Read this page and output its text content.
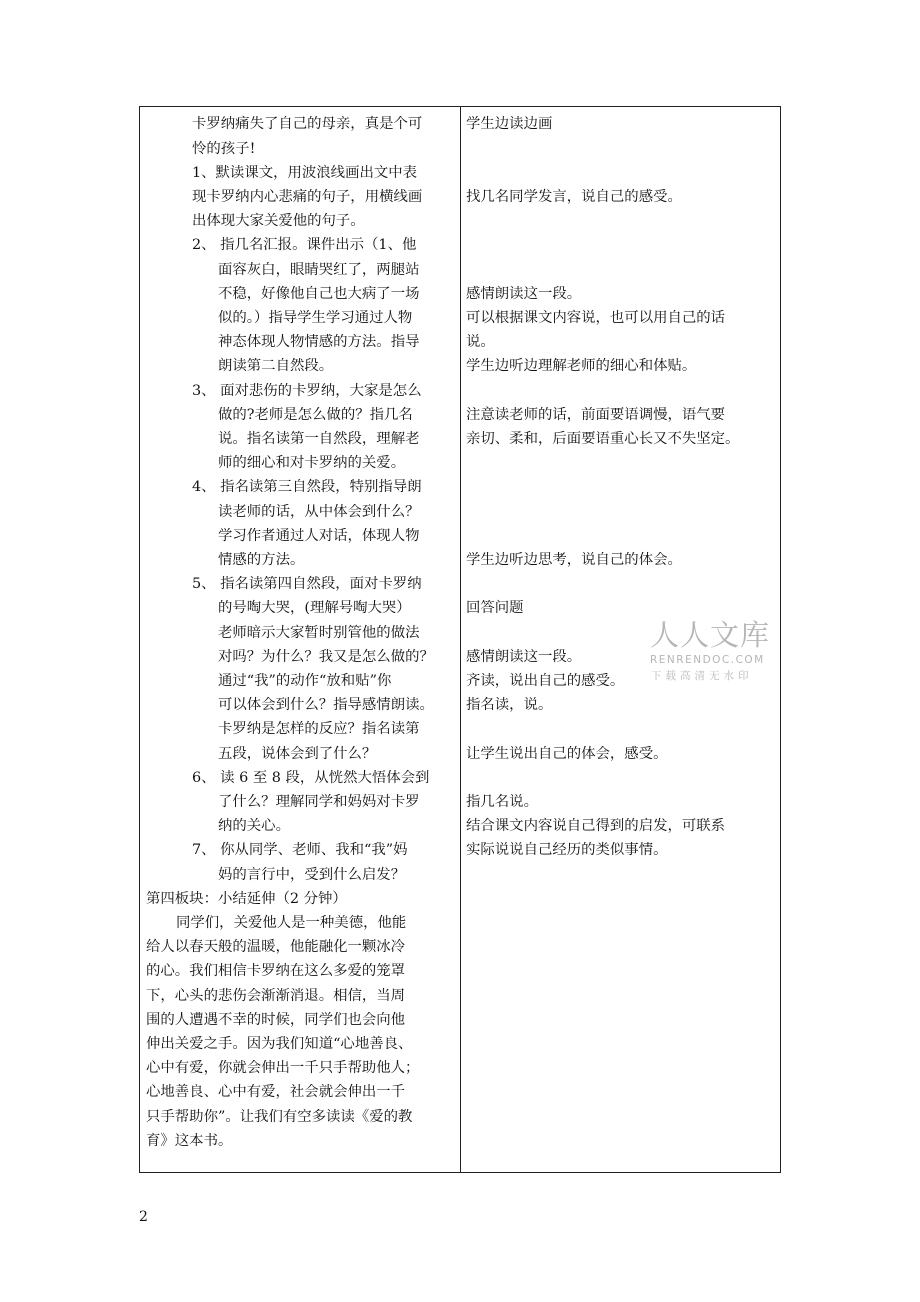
卡罗纳痛失了自己的母亲，真是个可
怜的孩子!
1、默读课文，用波浪线画出文中表
现卡罗纳内心悲痛的句子，用横线画
出体现大家关爱他的句子。
2、 指几名汇报。课件出示（1、他
面容灰白，眼睛哭红了，两腿站
不稳，好像他自己也大病了一场
似的。）指导学生学习通过人物
神态体现人物情感的方法。指导
朗读第二自然段。
3、 面对悲伤的卡罗纳，大家是怎么
做的?老师是怎么做的？指几名
说。指名读第一自然段，理解老
师的细心和对卡罗纳的关爱。
4、 指名读第三自然段，特别指导朗
读老师的话，从中体会到什么？
学习作者通过人对话，体现人物
情感的方法。
5、 指名读第四自然段，面对卡罗纳
的号啕大哭，(理解号啕大哭）
老师暗示大家暂时别管他的做法
对吗？为什么？我又是怎么做的？
通过“我”的动作“放和贴”你
可以体会到什么？指导感情朗读。
卡罗纳是怎样的反应？指名读第
五段，说体会到了什么？
6、 读 6 至 8 段，从恍然大悟体会到
了什么？理解同学和妈妈对卡罗
纳的关心。
7、 你从同学、老师、我和“我”妈
妈的言行中，受到什么启发？
第四板块：小结延伸（2 分钟）
同学们，关爱他人是一种美德，他能
给人以春天般的温暖，他能融化一颗冰冷
的心。我们相信卡罗纳在这么多爱的笼罩
下，心头的悲伤会渐渐消退。相信，当周
围的人遭遇不幸的时候，同学们也会向他
伸出关爱之手。因为我们知道“心地善良、
心中有爱，你就会伸出一千只手帮助他人；
心地善良、心中有爱，社会就会伸出一千
只手帮助你”。让我们有空多读读《爱的教
育》这本书。
学生边读边画
找几名同学发言，说自己的感受。
感情朗读这一段。
可以根据课文内容说，也可以用自己的话
说。
学生边听边理解老师的细心和体贴。
注意读老师的话，前面要语调慢，语气要
亲切、柔和，后面要语重心长又不失坚定。
学生边听边思考，说自己的体会。
回答问题
感情朗读这一段。
齐读，说出自己的感受。
指名读，说。
让学生说出自己的体会，感受。
指几名说。
结合课文内容说自己得到的启发，可联系
实际说说自己经历的类似事情。
人人文库
RENRENDOC.COM
下载高清无水印
2
